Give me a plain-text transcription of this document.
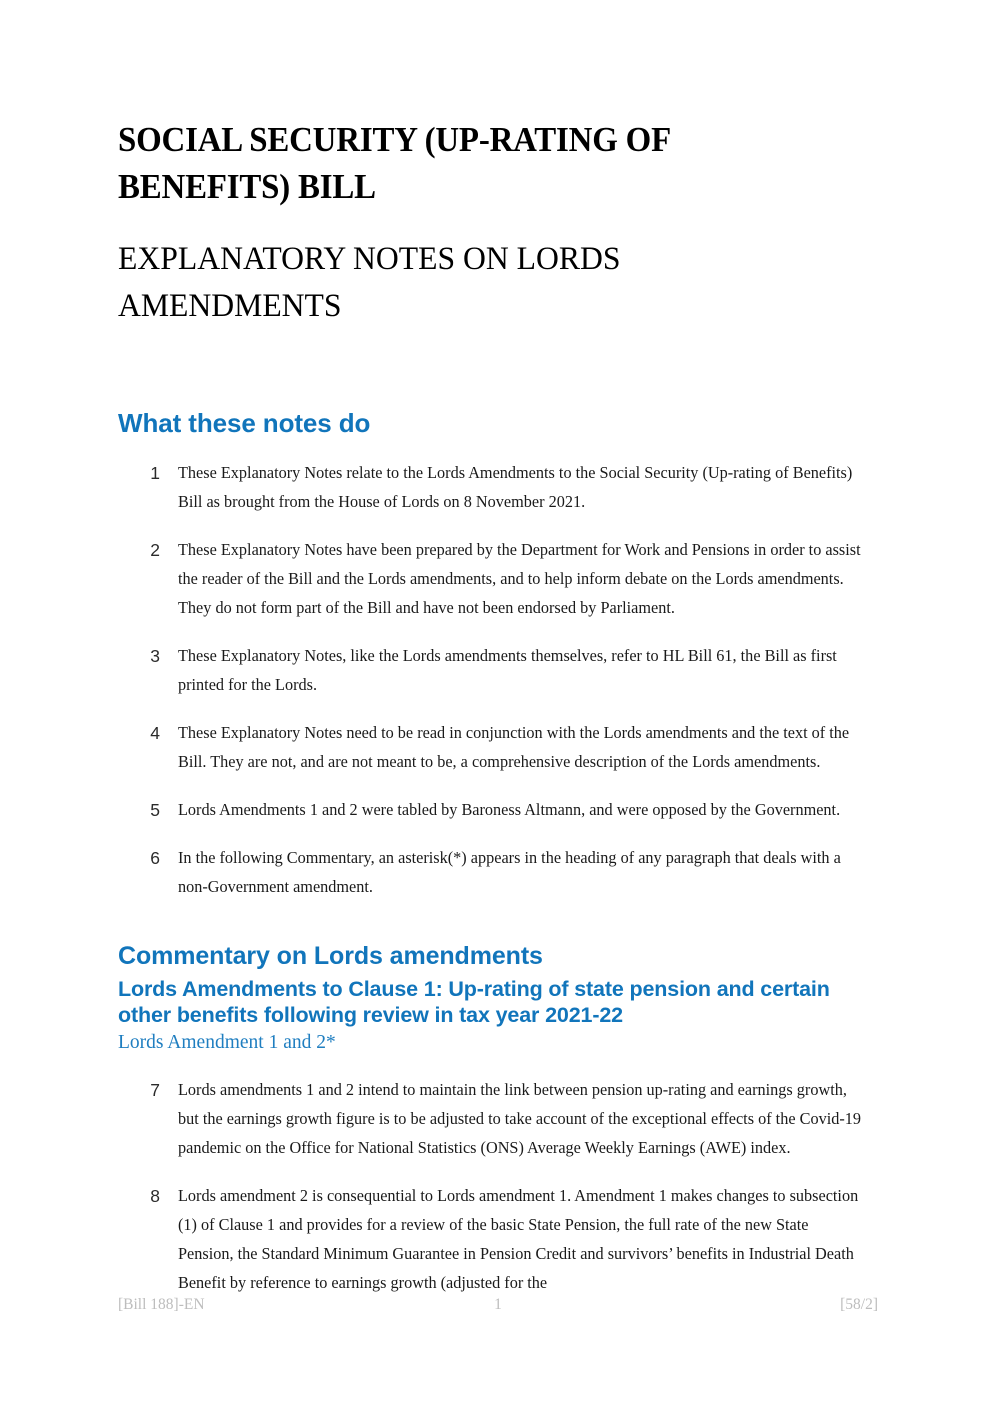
SOCIAL SECURITY (UP-RATING OF BENEFITS) BILL
EXPLANATORY NOTES ON LORDS AMENDMENTS
What these notes do
1 These Explanatory Notes relate to the Lords Amendments to the Social Security (Up-rating of Benefits) Bill as brought from the House of Lords on 8 November 2021.
2 These Explanatory Notes have been prepared by the Department for Work and Pensions in order to assist the reader of the Bill and the Lords amendments, and to help inform debate on the Lords amendments. They do not form part of the Bill and have not been endorsed by Parliament.
3 These Explanatory Notes, like the Lords amendments themselves, refer to HL Bill 61, the Bill as first printed for the Lords.
4 These Explanatory Notes need to be read in conjunction with the Lords amendments and the text of the Bill. They are not, and are not meant to be, a comprehensive description of the Lords amendments.
5 Lords Amendments 1 and 2 were tabled by Baroness Altmann, and were opposed by the Government.
6 In the following Commentary, an asterisk(*) appears in the heading of any paragraph that deals with a non-Government amendment.
Commentary on Lords amendments
Lords Amendments to Clause 1: Up-rating of state pension and certain other benefits following review in tax year 2021-22
Lords Amendment 1 and 2*
7 Lords amendments 1 and 2 intend to maintain the link between pension up-rating and earnings growth, but the earnings growth figure is to be adjusted to take account of the exceptional effects of the Covid-19 pandemic on the Office for National Statistics (ONS) Average Weekly Earnings (AWE) index.
8 Lords amendment 2 is consequential to Lords amendment 1. Amendment 1 makes changes to subsection (1) of Clause 1 and provides for a review of the basic State Pension, the full rate of the new State Pension, the Standard Minimum Guarantee in Pension Credit and survivors’ benefits in Industrial Death Benefit by reference to earnings growth (adjusted for the
[Bill 188]-EN	1	[58/2]
